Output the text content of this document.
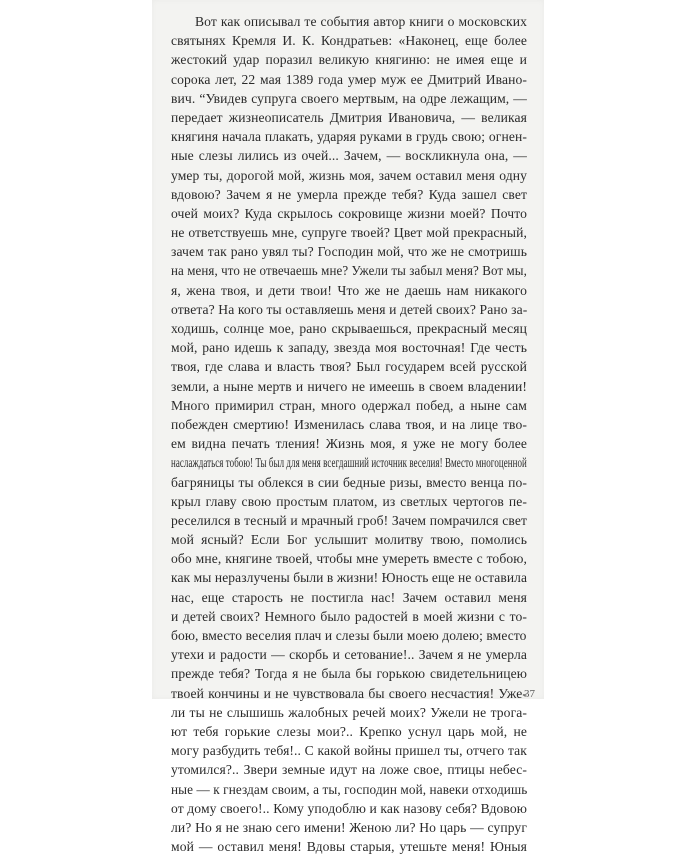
Вот как описывал те события автор книги о московских
святынях Кремля И. К. Кондратьев: «Наконец, еще более
жестокий удар поразил великую княгиню: не имея еще и
сорока лет, 22 мая 1389 года умер муж ее Дмитрий Ивано-
вич. “Увидев супруга своего мертвым, на одре лежащим, —
передает жизнеописатель Дмитрия Ивановича, — великая
княгиня начала плакать, ударяя руками в грудь свою; огнен-
ные слезы лились из очей... Зачем, — воскликнула она, —
умер ты, дорогой мой, жизнь моя, зачем оставил меня одну
вдовою? Зачем я не умерла прежде тебя? Куда зашел свет
очей моих? Куда скрылось сокровище жизни моей? Почто
не ответствуешь мне, супруге твоей? Цвет мой прекрасный,
зачем так рано увял ты? Господин мой, что же не смотришь
на меня, что не отвечаешь мне? Ужели ты забыл меня? Вот мы,
я, жена твоя, и дети твои! Что же не даешь нам никакого
ответа? На кого ты оставляешь меня и детей своих? Рано за-
ходишь, солнце мое, рано скрываешься, прекрасный месяц
мой, рано идешь к западу, звезда моя восточная! Где честь
твоя, где слава и власть твоя? Был государем всей русской
земли, а ныне мертв и ничего не имеешь в своем владении!
Много примирил стран, много одержал побед, а ныне сам
побежден смертию! Изменилась слава твоя, и на лице тво-
ем видна печать тления! Жизнь моя, я уже не могу более
наслаждаться тобою! Ты был для меня всегдашний источник веселия! Вместо многоценной
багряницы ты облекся в сии бедные ризы, вместо венца по-
крыл главу свою простым платом, из светлых чертогов пе-
реселился в тесный и мрачный гроб! Зачем помрачился свет
мой ясный? Если Бог услышит молитву твою, помолись
обо мне, княгине твоей, чтобы мне умереть вместе с тобою,
как мы неразлучены были в жизни! Юность еще не оставила
нас, еще старость не постигла нас! Зачем оставил меня
и детей своих? Немного было радостей в моей жизни с то-
бою, вместо веселия плач и слезы были моею долею; вместо
утехи и радости — скорбь и сетование!.. Зачем я не умерла
прежде тебя? Тогда я не была бы горькою свидетельницею
твоей кончины и не чувствовала бы своего несчастия! Уже-
ли ты не слышишь жалобных речей моих? Ужели не трога-
ют тебя горькие слезы мои?.. Крепко уснул царь мой, не
могу разбудить тебя!.. С какой войны пришел ты, отчего так
утомился?.. Звери земные идут на ложе свое, птицы небес-
ные — к гнездам своим, а ты, господин мой, навеки отходишь
от дому своего!.. Кому уподоблю и как назову себя? Вдовою
ли? Но я не знаю сего имени! Женою ли? Но царь — супруг
мой — оставил меня! Вдовы старыя, утешьте меня! Юныя
37
